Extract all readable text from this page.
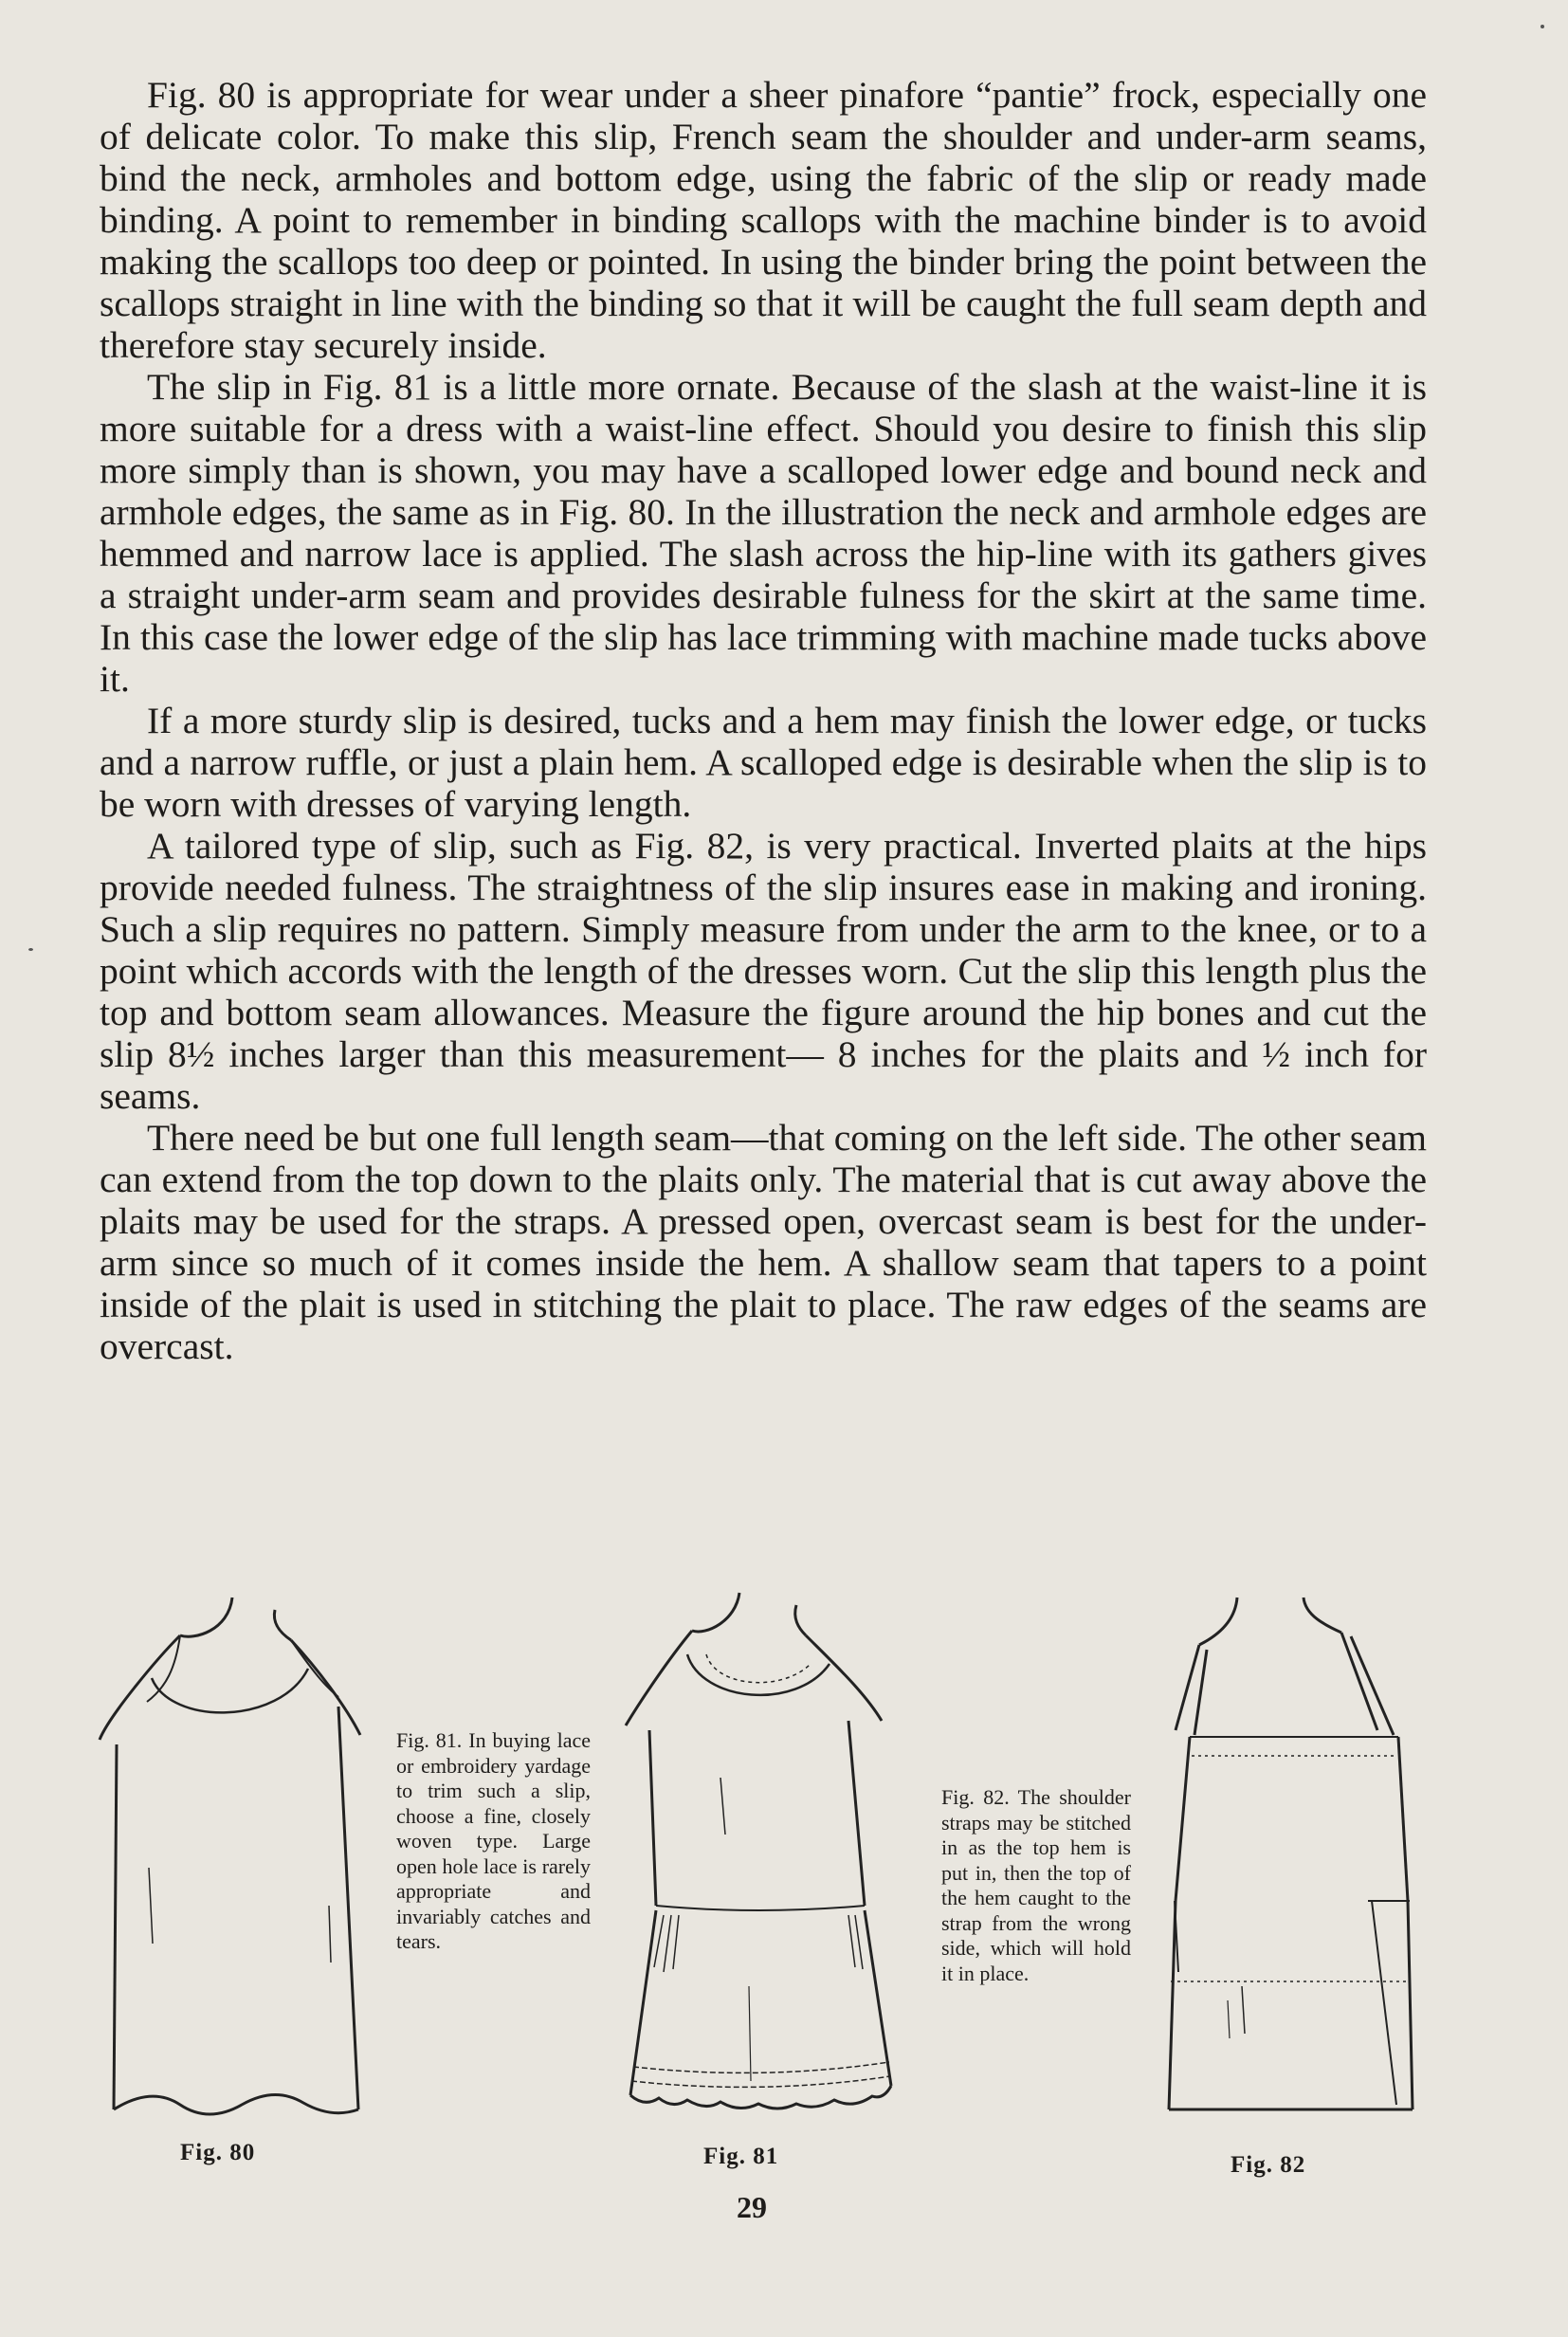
Fig. 80 is appropriate for wear under a sheer pinafore “pantie” frock, especially one of delicate color. To make this slip, French seam the shoulder and under-arm seams, bind the neck, armholes and bottom edge, using the fabric of the slip or ready made binding. A point to remember in binding scallops with the machine binder is to avoid making the scallops too deep or pointed. In using the binder bring the point between the scallops straight in line with the binding so that it will be caught the full seam depth and therefore stay securely inside.

The slip in Fig. 81 is a little more ornate. Because of the slash at the waist-line it is more suitable for a dress with a waist-line effect. Should you desire to finish this slip more simply than is shown, you may have a scalloped lower edge and bound neck and armhole edges, the same as in Fig. 80. In the illustration the neck and armhole edges are hemmed and narrow lace is applied. The slash across the hip-line with its gathers gives a straight under-arm seam and provides desirable fulness for the skirt at the same time. In this case the lower edge of the slip has lace trimming with machine made tucks above it.

If a more sturdy slip is desired, tucks and a hem may finish the lower edge, or tucks and a narrow ruffle, or just a plain hem. A scalloped edge is desirable when the slip is to be worn with dresses of varying length.

A tailored type of slip, such as Fig. 82, is very practical. Inverted plaits at the hips provide needed fulness. The straightness of the slip insures ease in making and ironing. Such a slip requires no pattern. Simply measure from under the arm to the knee, or to a point which accords with the length of the dresses worn. Cut the slip this length plus the top and bottom seam allowances. Measure the figure around the hip bones and cut the slip 8½ inches larger than this measurement— 8 inches for the plaits and ½ inch for seams.

There need be but one full length seam—that coming on the left side. The other seam can extend from the top down to the plaits only. The material that is cut away above the plaits may be used for the straps. A pressed open, overcast seam is best for the under-arm since so much of it comes inside the hem. A shallow seam that tapers to a point inside of the plait is used in stitching the plait to place. The raw edges of the seams are overcast.

Fig. 81. In buying lace or embroidery yardage to trim such a slip, choose a fine, closely woven type. Large open hole lace is rarely appropriate and invariably catches and tears.
Fig. 80	Fig. 81
Fig. 82. The shoulder straps may be stitched in as the top hem is put in, then the top of the hem caught to the strap from the wrong side, which will hold it in place.
Fig. 82
29
